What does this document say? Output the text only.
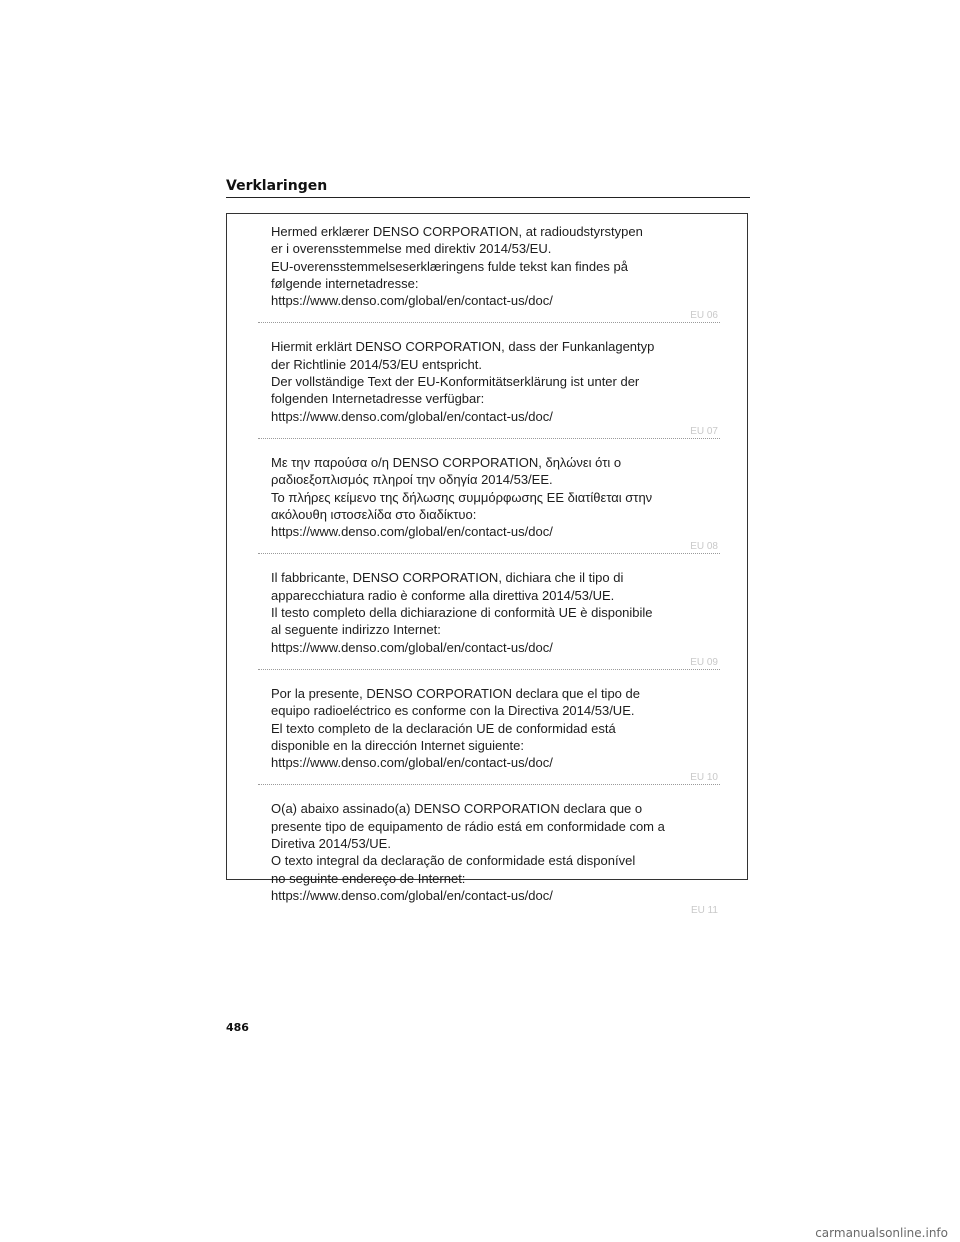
Verklaringen
Hermed erklærer DENSO CORPORATION, at radioudstyrstypen
er i overensstemmelse med direktiv 2014/53/EU.
EU-overensstemmelseserklæringens fulde tekst kan findes på
følgende internetadresse:
https://www.denso.com/global/en/contact-us/doc/
EU 06
Hiermit erklärt DENSO CORPORATION, dass der Funkanlagentyp
der Richtlinie 2014/53/EU entspricht.
Der vollständige Text der EU-Konformitätserklärung ist unter der
folgenden Internetadresse verfügbar:
https://www.denso.com/global/en/contact-us/doc/
EU 07
Με την παρούσα ο/η DENSO CORPORATION, δηλώνει ότι ο
ραδιοεξοπλισμός πληροί την οδηγία 2014/53/ΕΕ.
Το πλήρες κείμενο της δήλωσης συμμόρφωσης ΕΕ διατίθεται στην
ακόλουθη ιστοσελίδα στο διαδίκτυο:
https://www.denso.com/global/en/contact-us/doc/
EU 08
Il fabbricante, DENSO CORPORATION, dichiara che il tipo di
apparecchiatura radio è conforme alla direttiva 2014/53/UE.
Il testo completo della dichiarazione di conformità UE è disponibile
al seguente indirizzo Internet:
https://www.denso.com/global/en/contact-us/doc/
EU 09
Por la presente, DENSO CORPORATION declara que el tipo de
equipo radioeléctrico es conforme con la Directiva 2014/53/UE.
El texto completo de la declaración UE de conformidad está
disponible en la dirección Internet siguiente:
https://www.denso.com/global/en/contact-us/doc/
EU 10
O(a) abaixo assinado(a) DENSO CORPORATION declara que o
presente tipo de equipamento de rádio está em conformidade com a
Diretiva 2014/53/UE.
O texto integral da declaração de conformidade está disponível
no seguinte endereço de Internet:
https://www.denso.com/global/en/contact-us/doc/
EU 11
486
carmanualsonline.info
